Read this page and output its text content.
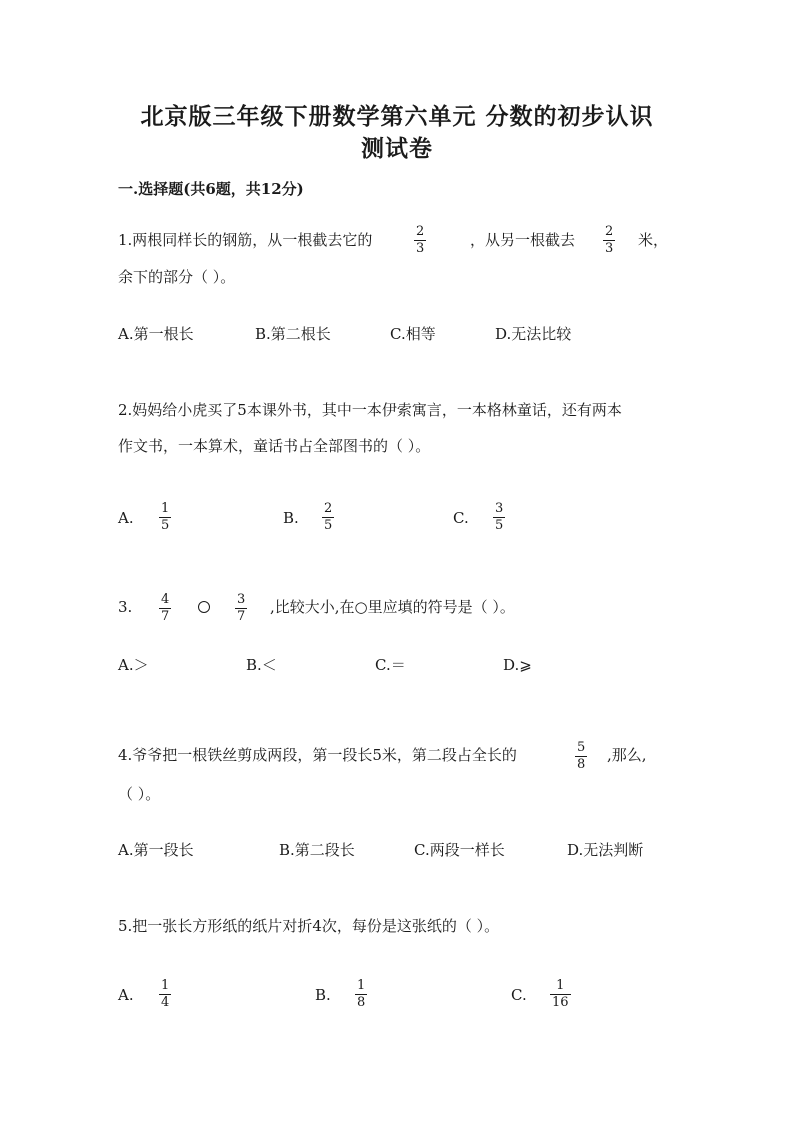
北京版三年级下册数学第六单元 分数的初步认识
测试卷
一.选择题(共6题，共12分)
1.两根同样长的钢筋，从一根截去它的	2
3	，从另一根截去 2
3 米，
余下的部分（ ）。
A.第一根长	B.第二根长	C.相等	D.无法比较
2.妈妈给小虎买了5本课外书，其中一本伊索寓言，一本格林童话，还有两本
作文书，一本算术，童话书占全部图书的（ ）。
A.
1
5	B.
2
5	C.
3
5
3. 4
7
3
7
,比较大小,在○里应填的符号是（ ）。
A.＞	B.＜	C.＝	D.⩾
4.爷爷把一根铁丝剪成两段，第一段长5米，第二段占全长的	5
8
,那么,
（ ）。
A.第一段长	B.第二段长	C.两段一样长	D.无法判断
5.把一张长方形纸的纸片对折4次，每份是这张纸的（ ）。
A.
1
4	B.
1
8	C.
1
16
